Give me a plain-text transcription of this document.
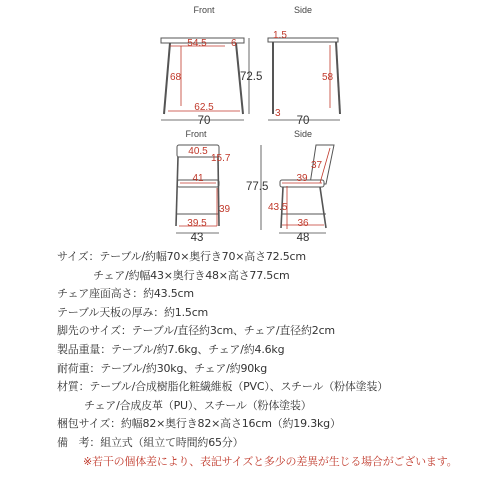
Front
54.5 6
68
62.5
72.5
70
Side
1.5
58
3
70
Front
40.5
15.7
41
39
39.5
43
Side
77.5
37
39
43.5
36
48
サイズ：テーブル/約幅70×奥行き70×高さ72.5cm
チェア/約幅43×奥行き48×高さ77.5cm
チェア座面高さ：約43.5cm
テーブル天板の厚み：約1.5cm
脚先のサイズ：テーブル/直径約3cm、チェア/直径約2cm
製品重量：テーブル/約7.6kg、チェア/約4.6kg
耐荷重：テーブル/約30kg、チェア/約90kg
材質：テーブル/合成樹脂化粧繊維板（PVC）、スチール（粉体塗装）
チェア/合成皮革（PU）、スチール（粉体塗装）
梱包サイズ：約幅82×奥行き82×高さ16cm（約19.3kg）
備　考：組立式（組立て時間約65分）
※若干の個体差により、表記サイズと多少の差異が生じる場合がございます。
